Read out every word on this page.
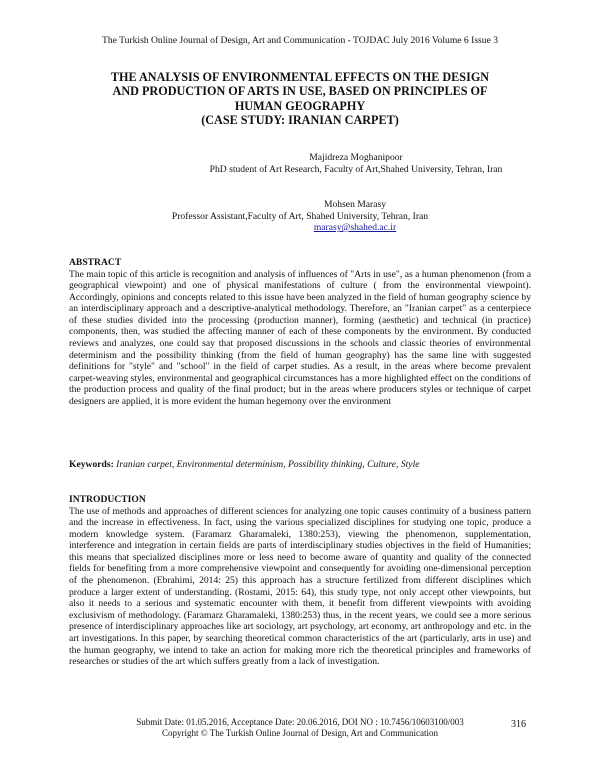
The Turkish Online Journal of Design, Art and Communication - TOJDAC July 2016 Volume 6 Issue 3
THE ANALYSIS OF ENVIRONMENTAL EFFECTS ON THE DESIGN
AND PRODUCTION OF ARTS IN USE, BASED ON PRINCIPLES OF
HUMAN GEOGRAPHY
(CASE STUDY: IRANIAN CARPET)
Majidreza Moghanipoor
PhD student of Art Research, Faculty of Art,Shahed University, Tehran, Iran
Mohsen Marasy
Professor Assistant,Faculty of Art, Shahed University, Tehran, Iran
marasy@shahed.ac.ir

ABSTRACT

The main topic of this article is recognition and analysis of influences of "Arts in use", as a human phenomenon (from a geographical viewpoint) and one of physical manifestations of culture ( from the environmental viewpoint). Accordingly, opinions and concepts related to this issue have been analyzed in the field of human geography science by an interdisciplinary approach and a descriptive-analytical methodology. Therefore, an "Iranian carpet" as a centerpiece of these studies divided into the processing (production manner), forming (aesthetic) and technical (in practice) components, then, was studied the affecting manner of each of these components by the environment. By conducted reviews and analyzes, one could say that proposed discussions in the schools and classic theories of environmental determinism and the possibility thinking (from the field of human geography) has the same line with suggested definitions for "style" and "school" in the field of carpet studies. As a result, in the areas where become prevalent carpet-weaving styles, environmental and geographical circumstances has a more highlighted effect on the conditions of the production process and quality of the final product; but in the areas where producers styles or technique of carpet designers are applied, it is more evident the human hegemony over the environment

Keywords: Iranian carpet, Environmental determinism, Possibility thinking, Culture, Style

INTRODUCTION

The use of methods and approaches of different sciences for analyzing one topic causes continuity of a business pattern and the increase in effectiveness. In fact, using the various specialized disciplines for studying one topic, produce a modern knowledge system. (Faramarz Gharamaleki, 1380:253), viewing the phenomenon, supplementation, interference and integration in certain fields are parts of interdisciplinary studies objectives in the field of Humanities; this means that specialized disciplines more or less need to become aware of quantity and quality of the connected fields for benefiting from a more comprehensive viewpoint and consequently for avoiding one-dimensional perception of the phenomenon. (Ebrahimi, 2014: 25) this approach has a structure fertilized from different disciplines which produce a larger extent of understanding. (Rostami, 2015: 64), this study type, not only accept other viewpoints, but also it needs to a serious and systematic encounter with them, it benefit from different viewpoints with avoiding exclusivism of methodology. (Faramarz Gharamaleki, 1380:253) thus, in the recent years, we could see a more serious presence of interdisciplinary approaches like art sociology, art psychology, art economy, art anthropology and etc. in the art investigations. In this paper, by searching theoretical common characteristics of the art (particularly, arts in use) and the human geography, we intend to take an action for making more rich the theoretical principles and frameworks of researches or studies of the art which suffers greatly from a lack of investigation.

Submit Date: 01.05.2016, Acceptance Date: 20.06.2016, DOI NO : 10.7456/10603100/003
Copyright © The Turkish Online Journal of Design, Art and Communication
316
